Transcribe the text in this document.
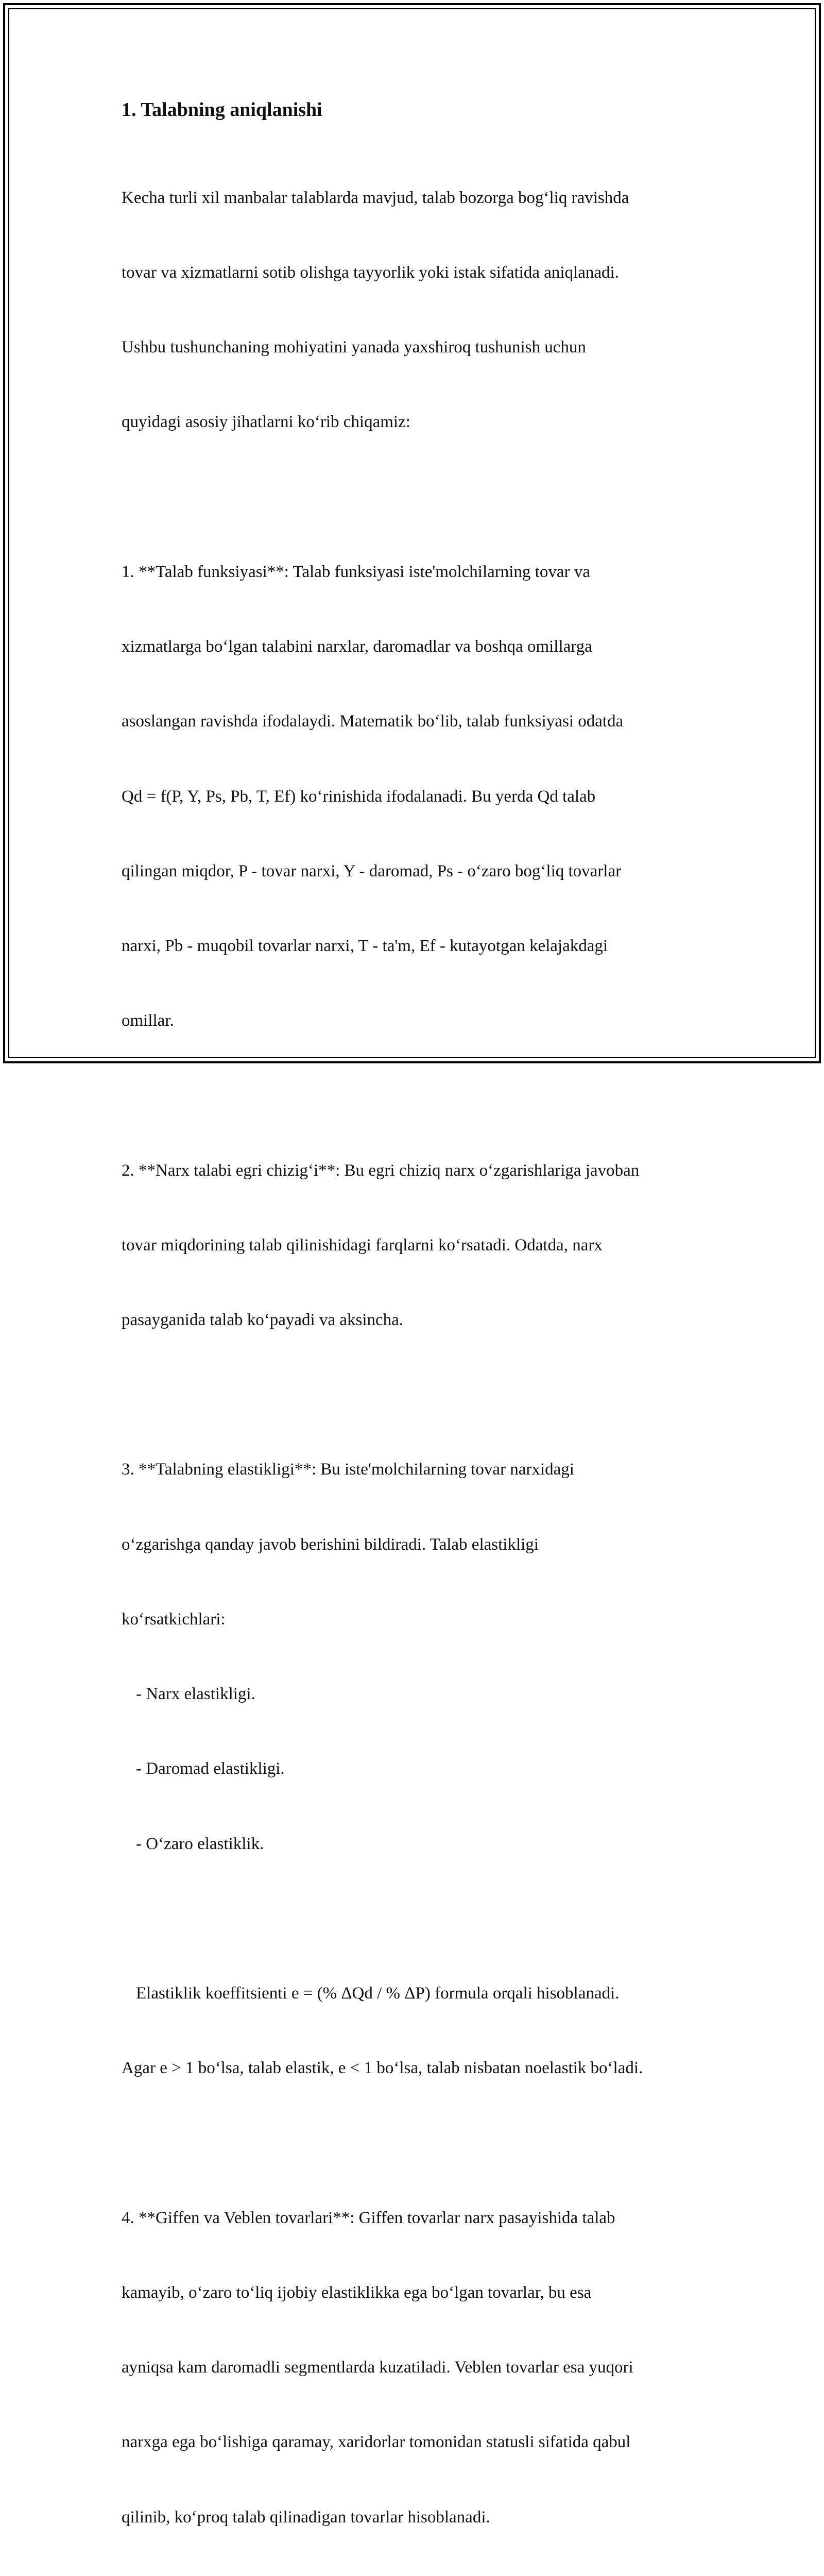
1. Talabning aniqlanishi

Kecha turli xil manbalar talablarda mavjud, talab bozorga bog‘liq ravishda

tovar va xizmatlarni sotib olishga tayyorlik yoki istak sifatida aniqlanadi.

Ushbu tushunchaning mohiyatini yanada yaxshiroq tushunish uchun

quyidagi asosiy jihatlarni ko‘rib chiqamiz:

1. **Talab funksiyasi**: Talab funksiyasi iste'molchilarning tovar va

xizmatlarga bo‘lgan talabini narxlar, daromadlar va boshqa omillarga

asoslangan ravishda ifodalaydi. Matematik bo‘lib, talab funksiyasi odatda

Qd = f(P, Y, Ps, Pb, T, Ef) ko‘rinishida ifodalanadi. Bu yerda Qd talab

qilingan miqdor, P - tovar narxi, Y - daromad, Ps - o‘zaro bog‘liq tovarlar

narxi, Pb - muqobil tovarlar narxi, T - ta'm, Ef - kutayotgan kelajakdagi

omillar.

2. **Narx talabi egri chizig‘i**: Bu egri chiziq narx o‘zgarishlariga javoban

tovar miqdorining talab qilinishidagi farqlarni ko‘rsatadi. Odatda, narx

pasayganida talab ko‘payadi va aksincha.

3. **Talabning elastikligi**: Bu iste'molchilarning tovar narxidagi

o‘zgarishga qanday javob berishini bildiradi. Talab elastikligi

ko‘rsatkichlari:

- Narx elastikligi.

- Daromad elastikligi.

- O‘zaro elastiklik.

Elastiklik koeffitsienti e = (% ΔQd / % ΔP) formula orqali hisoblanadi.

Agar e > 1 bo‘lsa, talab elastik, e < 1 bo‘lsa, talab nisbatan noelastik bo‘ladi.

4. **Giffen va Veblen tovarlari**: Giffen tovarlar narx pasayishida talab

kamayib, o‘zaro to‘liq ijobiy elastiklikka ega bo‘lgan tovarlar, bu esa

ayniqsa kam daromadli segmentlarda kuzatiladi. Veblen tovarlar esa yuqori

narxga ega bo‘lishiga qaramay, xaridorlar tomonidan statusli sifatida qabul

qilinib, ko‘proq talab qilinadigan tovarlar hisoblanadi.
